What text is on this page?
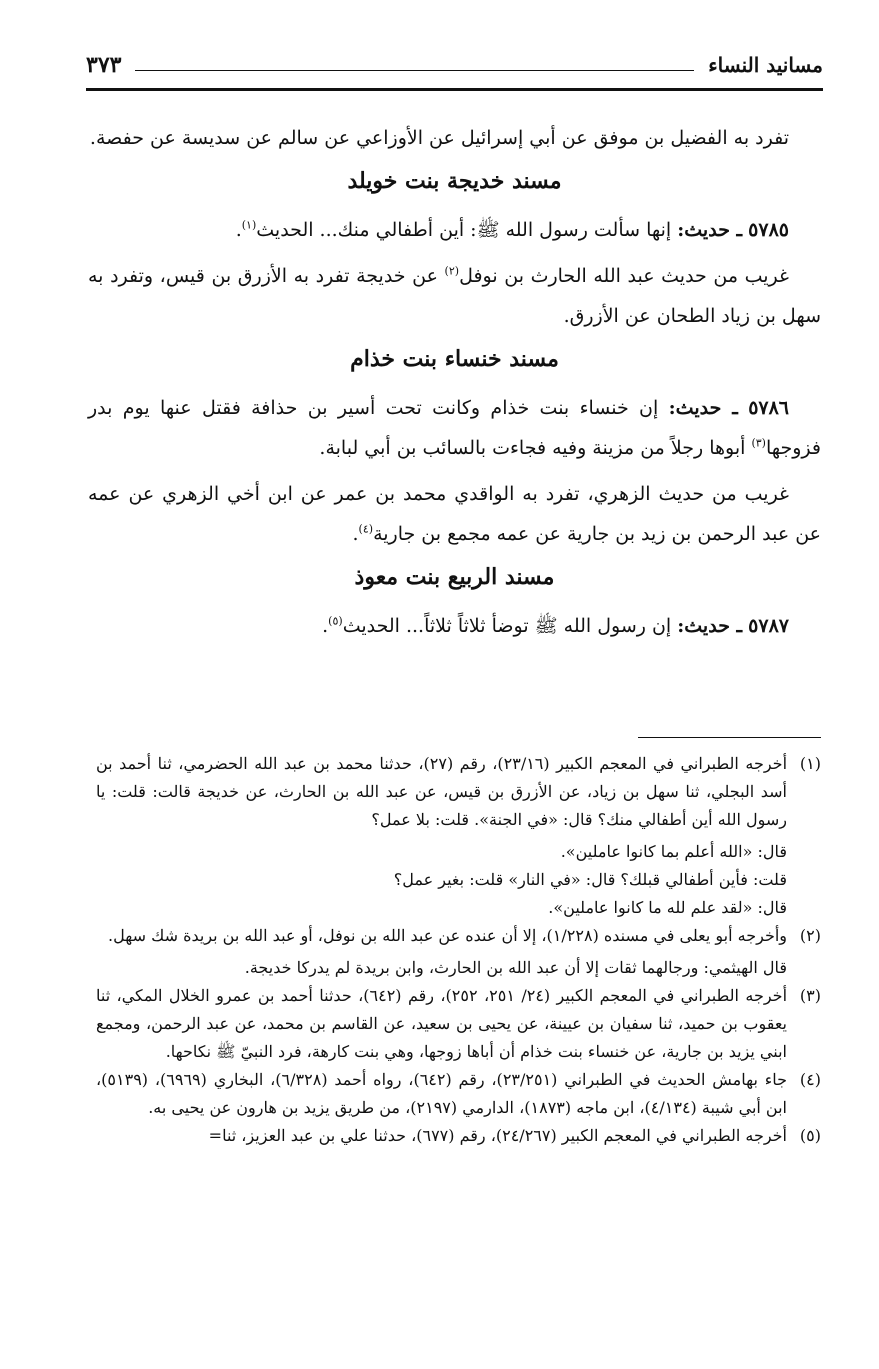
مسانيد النساء
٣٧٣

تفرد به الفضيل بن موفق عن أبي إسرائيل عن الأوزاعي عن سالم عن سديسة عن حفصة.

مسند خديجة بنت خويلد

٥٧٨٥ ـ حديث: إنها سألت رسول الله ﷺ: أين أطفالي منك... الحديث$^{(١)}$.

غريب من حديث عبد الله الحارث بن نوفل$^{(٢)}$ عن خديجة تفرد به الأزرق بن قيس، وتفرد به سهل بن زياد الطحان عن الأزرق.

مسند خنساء بنت خذام

٥٧٨٦ ـ حديث: إن خنساء بنت خذام وكانت تحت أسير بن حذافة فقتل عنها يوم بدر فزوجها$^{(٣)}$ أبوها رجلاً من مزينة وفيه فجاءت بالسائب بن أبي لبابة.

غريب من حديث الزهري، تفرد به الواقدي محمد بن عمر عن ابن أخي الزهري عن عمه عن عبد الرحمن بن زيد بن جارية عن عمه مجمع بن جارية$^{(٤)}$.

مسند الربيع بنت معوذ

٥٧٨٧ ـ حديث: إن رسول الله ﷺ توضأ ثلاثاً ثلاثاً... الحديث$^{(٥)}$.

(١)

أخرجه الطبراني في المعجم الكبير (٢٣/١٦)، رقم (٢٧)، حدثنا محمد بن عبد الله الحضرمي، ثنا أحمد بن أسد البجلي، ثنا سهل بن زياد، عن الأزرق بن قيس، عن عبد الله بن الحارث، عن خديجة قالت: قلت: يا رسول الله أين أطفالي منك؟ قال: «في الجنة». قلت: بلا عمل؟

قال: «الله أعلم بما كانوا عاملين».

قلت: فأين أطفالي قبلك؟ قال: «في النار» قلت: بغير عمل؟

قال: «لقد علم لله ما كانوا عاملين».

(٢)

وأخرجه أبو يعلى في مسنده (١/٢٢٨)، إلا أن عنده عن عبد الله بن نوفل، أو عبد الله بن بريدة شك سهل.

قال الهيثمي: ورجالهما ثقات إلا أن عبد الله بن الحارث، وابن بريدة لم يدركا خديجة.

(٣)

أخرجه الطبراني في المعجم الكبير (٢٤/ ٢٥١، ٢٥٢)، رقم (٦٤٢)، حدثنا أحمد بن عمرو الخلال المكي، ثنا يعقوب بن حميد، ثنا سفيان بن عيينة، عن يحيى بن سعيد، عن القاسم بن محمد، عن عبد الرحمن، ومجمع ابني يزيد بن جارية، عن خنساء بنت خذام أن أباها زوجها، وهي بنت كارهة، فرد النبيّ ﷺ نكاحها.

(٤)

جاء بهامش الحديث في الطبراني (٢٣/٢٥١)، رقم (٦٤٢)، رواه أحمد (٦/٣٢٨)، البخاري (٦٩٦٩)، (٥١٣٩)، ابن أبي شيبة (٤/١٣٤)، ابن ماجه (١٨٧٣)، الدارمي (٢١٩٧)، من طريق يزيد بن هارون عن يحيى به.

(٥)

أخرجه الطبراني في المعجم الكبير (٢٤/٢٦٧)، رقم (٦٧٧)، حدثنا علي بن عبد العزيز، ثنا=
